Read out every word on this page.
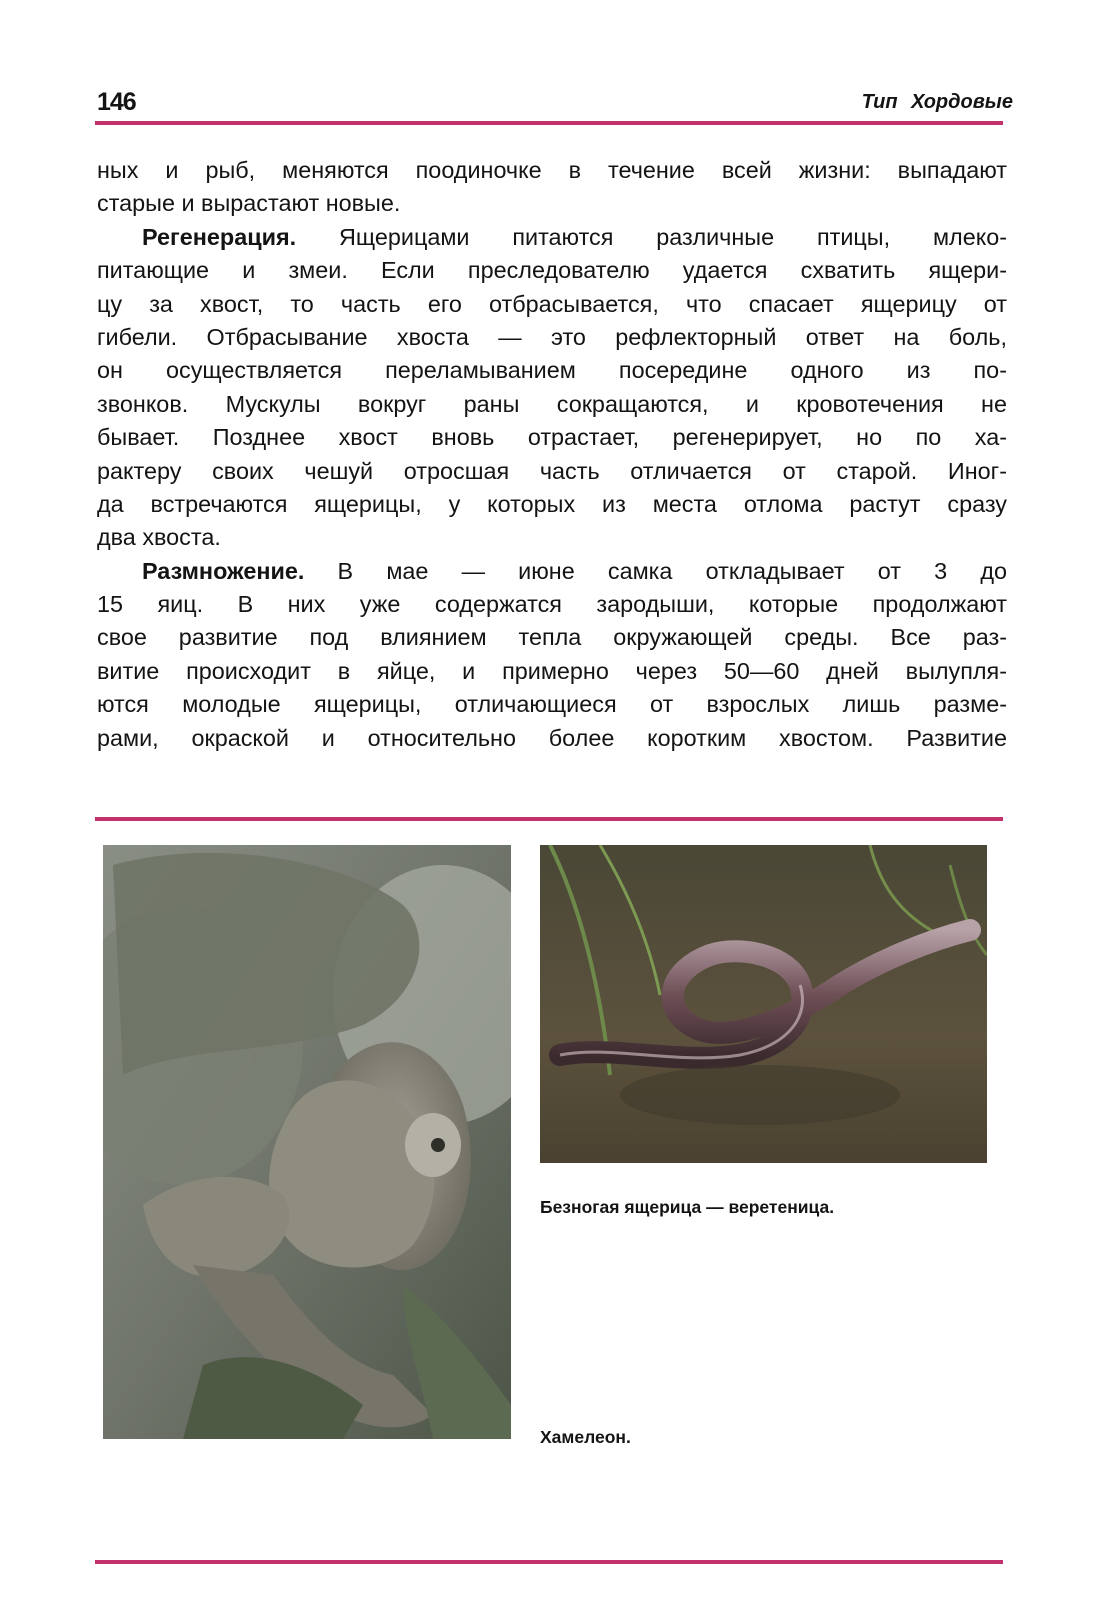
146	Тип Хордовые
ных и рыб, меняются поодиночке в течение всей жизни: выпадают
старые и вырастают новые.
Регенерация. Ящерицами питаются различные птицы, млеко-
питающие и змеи. Если преследователю удается схватить ящери-
цу за хвост, то часть его отбрасывается, что спасает ящерицу от
гибели. Отбрасывание хвоста — это рефлекторный ответ на боль,
он осуществляется переламыванием посередине одного из по-
звонков. Мускулы вокруг раны сокращаются, и кровотечения не
бывает. Позднее хвост вновь отрастает, регенерирует, но по ха-
рактеру своих чешуй отросшая часть отличается от старой. Иног-
да встречаются ящерицы, у которых из места отлома растут сразу
два хвоста.
Размножение. В мае — июне самка откладывает от 3 до
15 яиц. В них уже содержатся зародыши, которые продолжают
свое развитие под влиянием тепла окружающей среды. Все раз-
витие происходит в яйце, и примерно через 50—60 дней вылупля-
ются молодые ящерицы, отличающиеся от взрослых лишь разме-
рами, окраской и относительно более коротким хвостом. Развитие
Безногая ящерица — веретеница.
Хамелеон.
